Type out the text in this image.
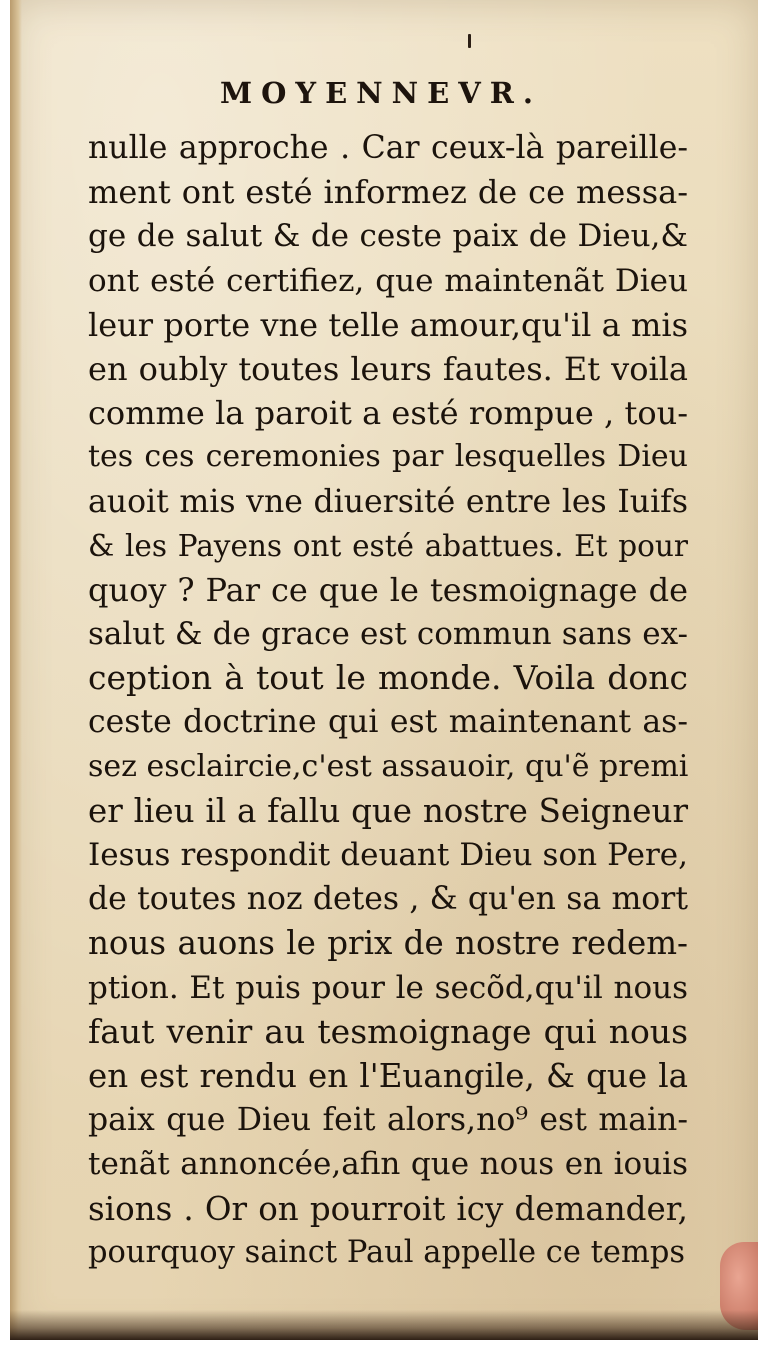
MOYENNEVR.
nulle approche . Car ceux-là pareille-
ment ont esté informez de ce messa-
ge de salut & de ceste paix de Dieu,&
ont esté certifiez, que maintenãt Dieu
leur porte vne telle amour,qu'il a mis
en oubly toutes leurs fautes. Et voila
comme la paroit a esté rompue , tou-
tes ces ceremonies par lesquelles Dieu
auoit mis vne diuersité entre les Iuifs
& les Payens ont esté abattues. Et pour
quoy ? Par ce que le tesmoignage de
salut & de grace est commun sans ex-
ception à tout le monde. Voila donc
ceste doctrine qui est maintenant as-
sez esclaircie,c'est assauoir, qu'ẽ premi
er lieu il a fallu que nostre Seigneur
Iesus respondit deuant Dieu son Pere,
de toutes noz detes , & qu'en sa mort
nous auons le prix de nostre redem-
ption. Et puis pour le secõd,qu'il nous
faut venir au tesmoignage qui nous
en est rendu en l'Euangile, & que la
paix que Dieu feit alors,no⁹ est main-
tenãt annoncée,afin que nous en iouis
sions . Or on pourroit icy demander,
pourquoy sainct Paul appelle ce temps
